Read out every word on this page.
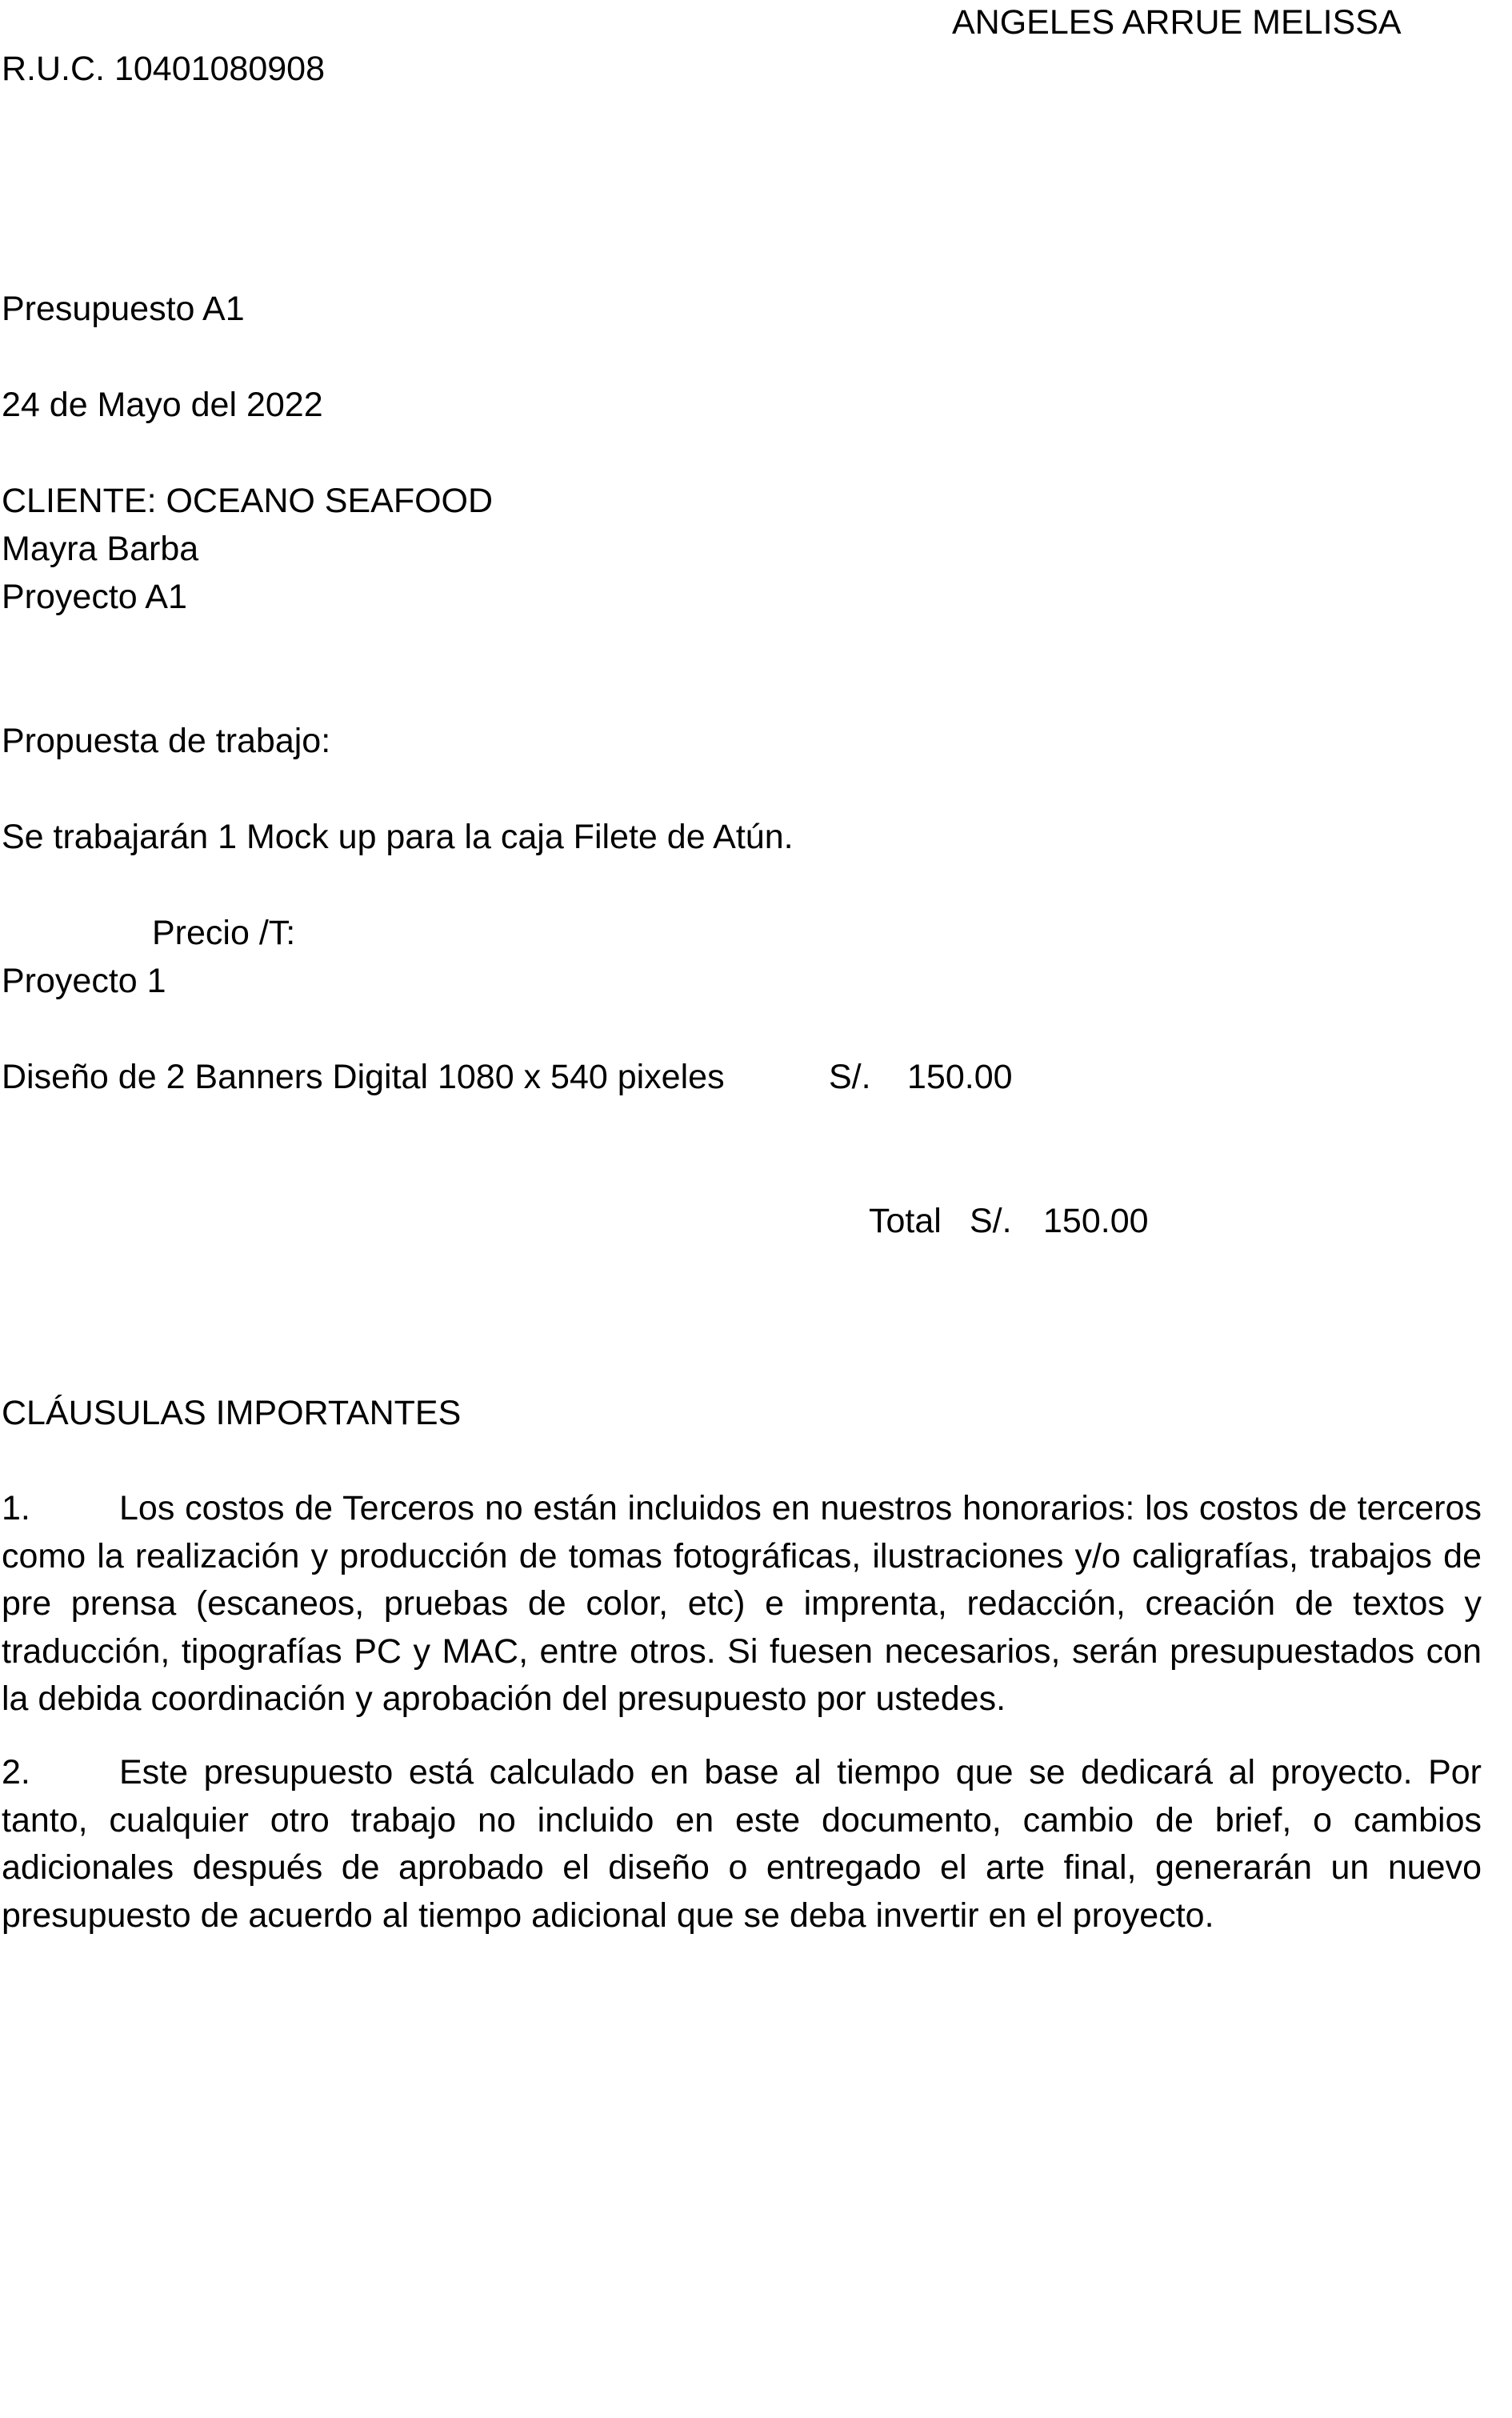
ANGELES ARRUE MELISSA
R.U.C. 10401080908
Presupuesto A1
24 de Mayo del 2022
CLIENTE: OCEANO SEAFOOD
Mayra Barba
Proyecto A1
Propuesta de trabajo:
Se trabajarán 1 Mock up para la caja Filete de Atún.
Precio /T:
Proyecto 1
Diseño de 2 Banners Digital 1080 x 540 pixeles	S/. 150.00
Total S/. 150.00
CLÁUSULAS IMPORTANTES
1.	Los costos de Terceros no están incluidos en nuestros honorarios: los costos de terceros como la realización y producción de tomas fotográficas, ilustraciones y/o caligrafías, trabajos de pre prensa (escaneos, pruebas de color, etc) e imprenta, redacción, creación de textos y traducción, tipografías PC y MAC, entre otros. Si fuesen necesarios, serán presupuestados con la debida coordinación y aprobación del presupuesto por ustedes.
2.	Este presupuesto está calculado en base al tiempo que se dedicará al proyecto. Por tanto, cualquier otro trabajo no incluido en este documento, cambio de brief, o cambios adicionales después de aprobado el diseño o entregado el arte final, generarán un nuevo presupuesto de acuerdo al tiempo adicional que se deba invertir en el proyecto.
